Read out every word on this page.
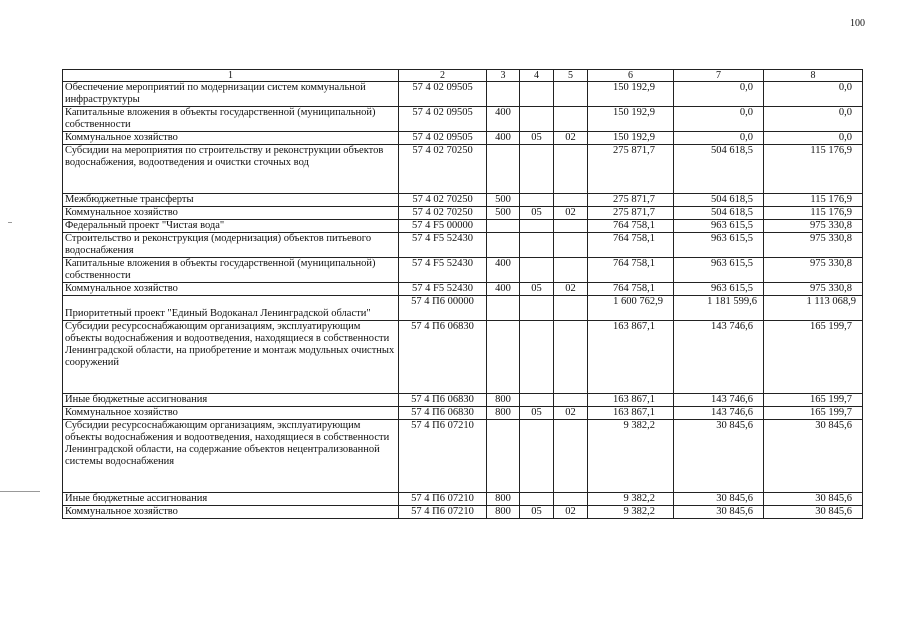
100
1	2	3	4	5	6	7	8
Обеспечение мероприятий по модернизации систем коммунальной инфраструктуры	57 4 02 09505				150 192,9	0,0	0,0
Капитальные вложения в объекты государственной (муниципальной) собственности	57 4 02 09505	400			150 192,9	0,0	0,0
Коммунальное хозяйство	57 4 02 09505	400	05	02	150 192,9	0,0	0,0
Субсидии на мероприятия по строительству и реконструкции объектов водоснабжения, водоотведения и очистки сточных вод	57 4 02 70250				275 871,7	504 618,5	115 176,9
Межбюджетные трансферты	57 4 02 70250	500			275 871,7	504 618,5	115 176,9
Коммунальное хозяйство	57 4 02 70250	500	05	02	275 871,7	504 618,5	115 176,9
Федеральный проект "Чистая вода"	57 4 F5 00000				764 758,1	963 615,5	975 330,8
Строительство и реконструкция (модернизация) объектов питьевого водоснабжения	57 4 F5 52430				764 758,1	963 615,5	975 330,8
Капитальные вложения в объекты государственной (муниципальной) собственности	57 4 F5 52430	400			764 758,1	963 615,5	975 330,8
Коммунальное хозяйство	57 4 F5 52430	400	05	02	764 758,1	963 615,5	975 330,8
Приоритетный проект "Единый Водоканал Ленинградской области"	57 4 П6 00000				1 600 762,9	1 181 599,6	1 113 068,9
Субсидии ресурсоснабжающим организациям, эксплуатирующим объекты водоснабжения и водоотведения, находящиеся в собственности Ленинградской области, на приобретение и монтаж модульных очистных сооружений	57 4 П6 06830				163 867,1	143 746,6	165 199,7
Иные бюджетные ассигнования	57 4 П6 06830	800			163 867,1	143 746,6	165 199,7
Коммунальное хозяйство	57 4 П6 06830	800	05	02	163 867,1	143 746,6	165 199,7
Субсидии ресурсоснабжающим организациям, эксплуатирующим объекты водоснабжения и водоотведения, находящиеся в собственности Ленинградской области, на содержание объектов нецентрализованной системы водоснабжения	57 4 П6 07210				9 382,2	30 845,6	30 845,6
Иные бюджетные ассигнования	57 4 П6 07210	800			9 382,2	30 845,6	30 845,6
Коммунальное хозяйство	57 4 П6 07210	800	05	02	9 382,2	30 845,6	30 845,6
